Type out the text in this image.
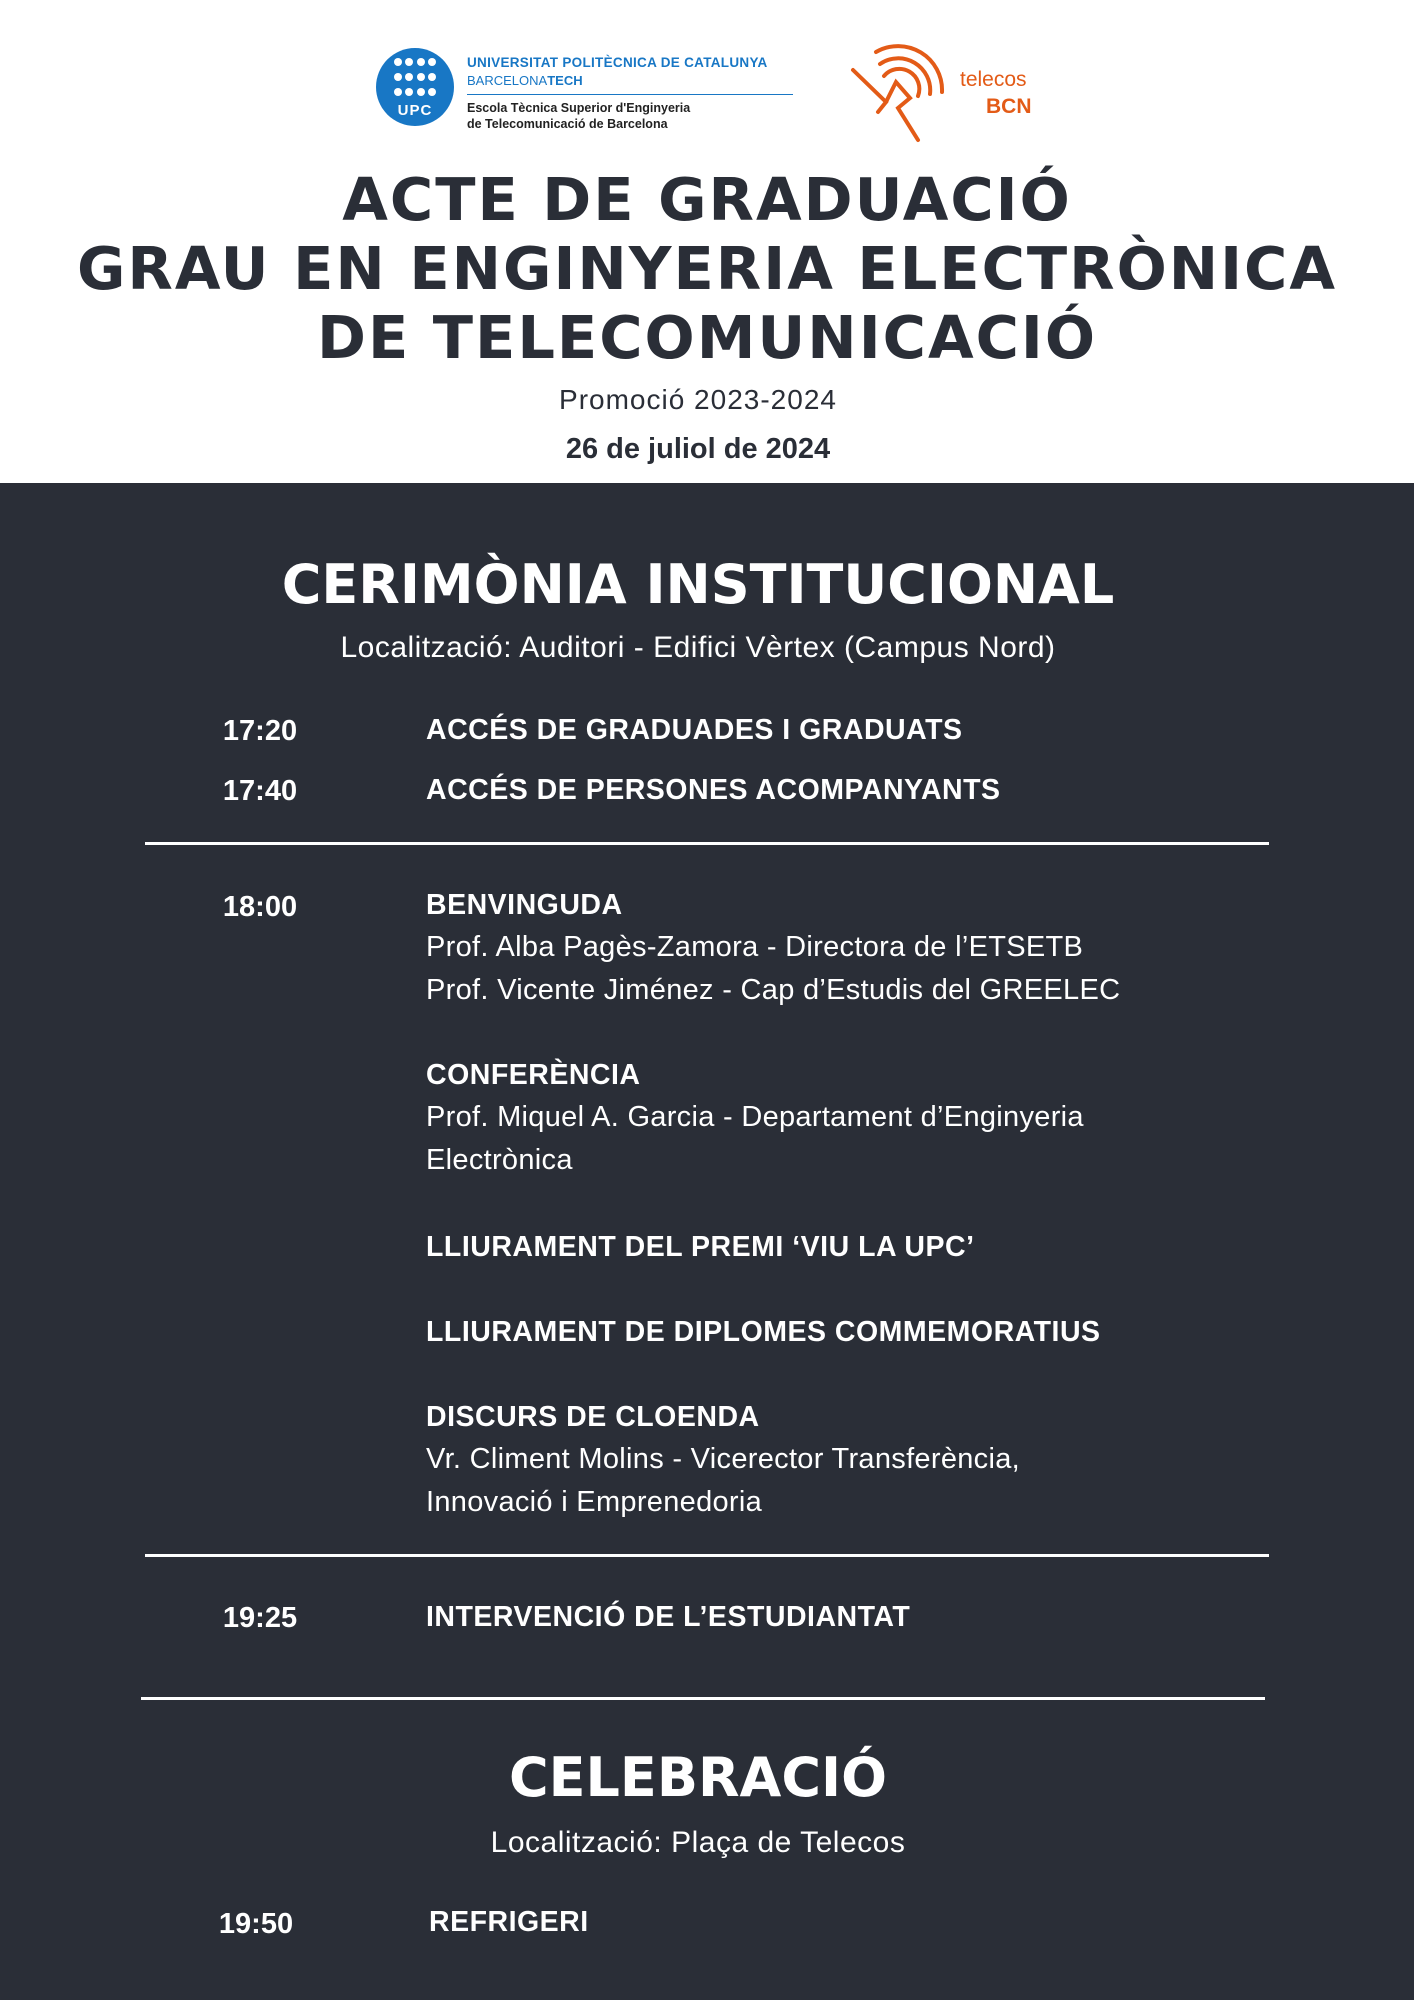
UPC
UNIVERSITAT POLITÈCNICA DE CATALUNYA
BARCELONATECH
Escola Tècnica Superior d'Enginyeria
de Telecomunicació de Barcelona
telecos
BCN
ACTE DE GRADUACIÓ
GRAU EN ENGINYERIA ELECTRÒNICA
DE TELECOMUNICACIÓ
Promoció 2023-2024
26 de juliol de 2024
CERIMÒNIA INSTITUCIONAL
Localització: Auditori - Edifici Vèrtex (Campus Nord)
17:20	ACCÉS DE GRADUADES I GRADUATS
17:40	ACCÉS DE PERSONES ACOMPANYANTS
18:00	BENVINGUDA
Prof. Alba Pagès-Zamora - Directora de l’ETSETB
Prof. Vicente Jiménez - Cap d’Estudis del GREELEC
CONFERÈNCIA
Prof. Miquel A. Garcia - Departament d’Enginyeria
Electrònica
LLIURAMENT DEL PREMI ‘VIU LA UPC’
LLIURAMENT DE DIPLOMES COMMEMORATIUS
DISCURS DE CLOENDA
Vr. Climent Molins - Vicerector Transferència,
Innovació i Emprenedoria
19:25	INTERVENCIÓ DE L’ESTUDIANTAT
CELEBRACIÓ
Localització: Plaça de Telecos
19:50	REFRIGERI
